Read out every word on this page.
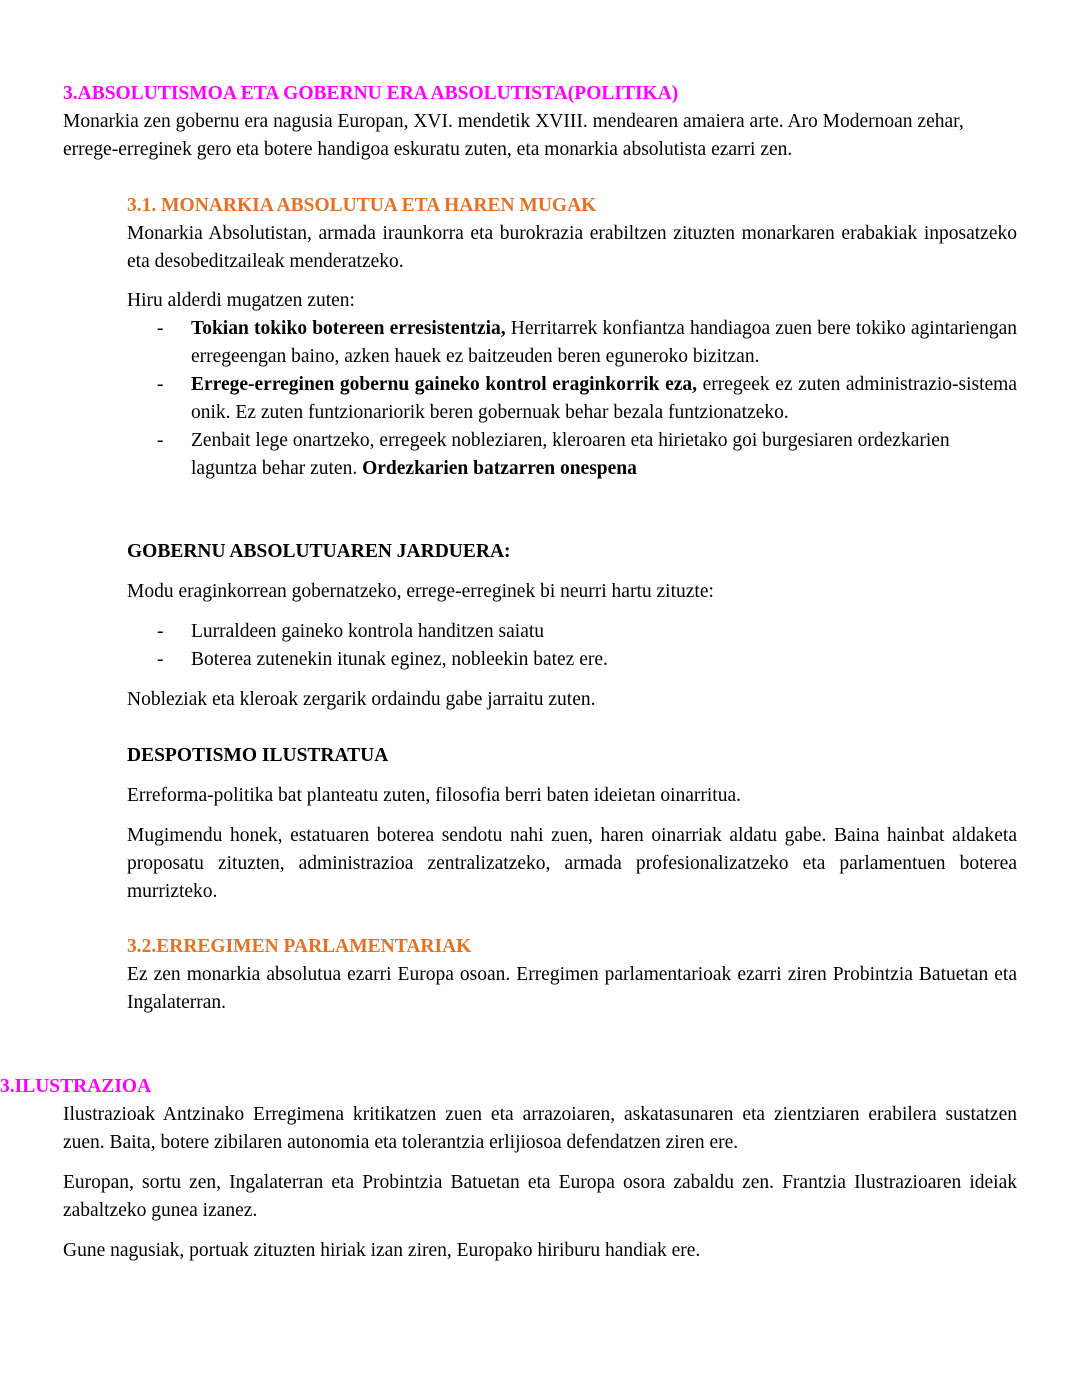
3.ABSOLUTISMOA ETA GOBERNU ERA ABSOLUTISTA(POLITIKA)

Monarkia zen gobernu era nagusia Europan, XVI. mendetik XVIII. mendearen amaiera arte. Aro Modernoan zehar, errege-erreginek gero eta botere handigoa eskuratu zuten, eta monarkia absolutista ezarri zen.

3.1. MONARKIA ABSOLUTUA ETA HAREN MUGAK

Monarkia Absolutistan, armada iraunkorra eta burokrazia erabiltzen zituzten monarkaren erabakiak inposatzeko eta desobeditzaileak menderatzeko.

Hiru alderdi mugatzen zuten:

- Tokian tokiko botereen erresistentzia, Herritarrek konfiantza handiagoa zuen bere tokiko agintariengan erregeengan baino, azken hauek ez baitzeuden beren eguneroko bizitzan.
- Errege-erreginen gobernu gaineko kontrol eraginkorrik eza, erregeek ez zuten administrazio-sistema onik. Ez zuten funtzionariorik beren gobernuak behar bezala funtzionatzeko.
- Zenbait lege onartzeko, erregeek nobleziaren, kleroaren eta hirietako goi burgesiaren ordezkarien laguntza behar zuten. Ordezkarien batzarren onespena

GOBERNU ABSOLUTUAREN JARDUERA:

Modu eraginkorrean gobernatzeko, errege-erreginek bi neurri hartu zituzte:

- Lurraldeen gaineko kontrola handitzen saiatu
- Boterea zutenekin itunak eginez, nobleekin batez ere.

Nobleziak eta kleroak zergarik ordaindu gabe jarraitu zuten.

DESPOTISMO ILUSTRATUA

Erreforma-politika bat planteatu zuten, filosofia berri baten ideietan oinarritua.

Mugimendu honek, estatuaren boterea sendotu nahi zuen, haren oinarriak aldatu gabe. Baina hainbat aldaketa proposatu zituzten, administrazioa zentralizatzeko, armada profesionalizatzeko eta parlamentuen boterea murrizteko.

3.2.ERREGIMEN PARLAMENTARIAK

Ez zen monarkia absolutua ezarri Europa osoan. Erregimen parlamentarioak ezarri ziren Probintzia Batuetan eta Ingalaterran.

3.ILUSTRAZIOA

Ilustrazioak Antzinako Erregimena kritikatzen zuen eta arrazoiaren, askatasunaren eta zientziaren erabilera sustatzen zuen. Baita, botere zibilaren autonomia eta tolerantzia erlijiosoa defendatzen ziren ere.

Europan, sortu zen, Ingalaterran eta Probintzia Batuetan eta Europa osora zabaldu zen. Frantzia Ilustrazioaren ideiak zabaltzeko gunea izanez.

Gune nagusiak, portuak zituzten hiriak izan ziren, Europako hiriburu handiak ere.
